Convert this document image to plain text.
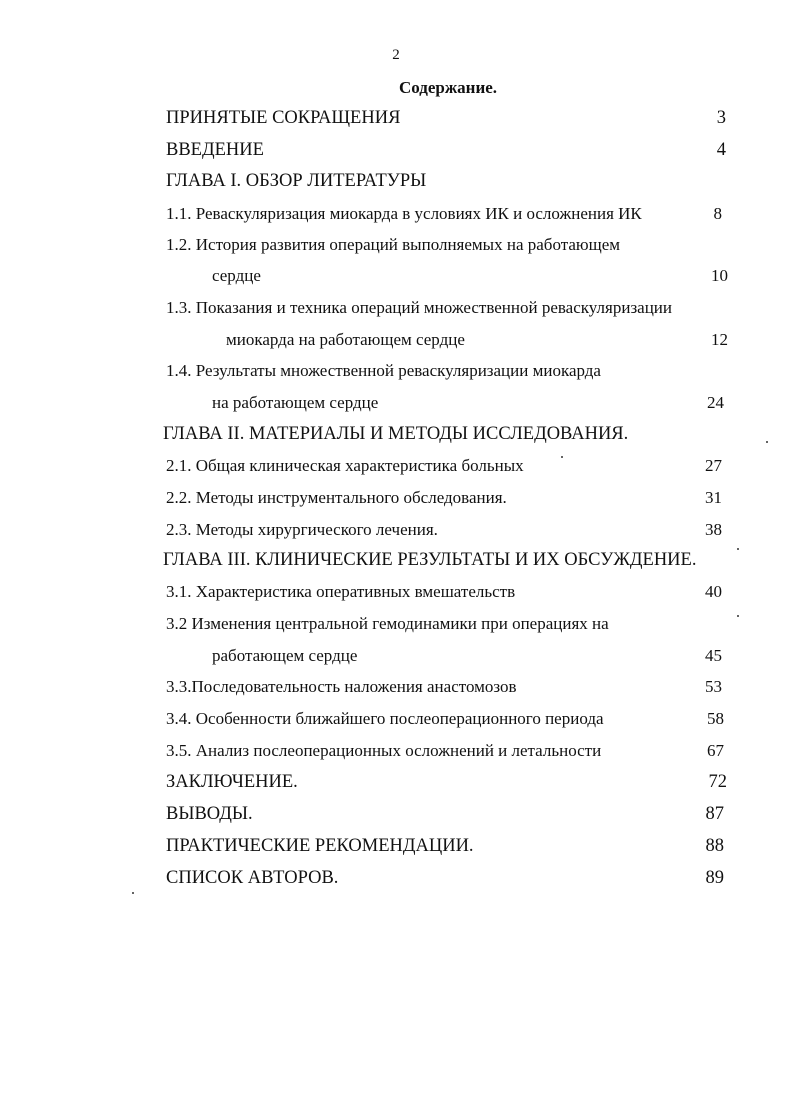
2
Содержание.
ПРИНЯТЫЕ СОКРАЩЕНИЯ	3
ВВЕДЕНИЕ	4
ГЛАВА I. ОБЗОР ЛИТЕРАТУРЫ
1.1. Реваскуляризация миокарда в условиях ИК и осложнения ИК	8
1.2. История развития операций выполняемых на работающем
сердце	10
1.3. Показания и техника операций множественной реваскуляризации
миокарда на работающем сердце	12
1.4. Результаты множественной реваскуляризации миокарда
на работающем сердце	24
ГЛАВА II. МАТЕРИАЛЫ И МЕТОДЫ ИССЛЕДОВАНИЯ.
2.1. Общая клиническая характеристика больных	27
2.2. Методы инструментального обследования.	31
2.3. Методы хирургического лечения.	38
ГЛАВА III. КЛИНИЧЕСКИЕ РЕЗУЛЬТАТЫ И ИХ ОБСУЖДЕНИЕ.
3.1. Характеристика оперативных вмешательств	40
3.2 Изменения центральной гемодинамики при операциях на
работающем сердце	45
3.3.Последовательность наложения анастомозов	53
3.4. Особенности ближайшего послеоперационного периода	58
3.5. Анализ послеоперационных осложнений и летальности	67
ЗАКЛЮЧЕНИЕ.	72
ВЫВОДЫ.	87
ПРАКТИЧЕСКИЕ РЕКОМЕНДАЦИИ.	88
СПИСОК АВТОРОВ.	89
